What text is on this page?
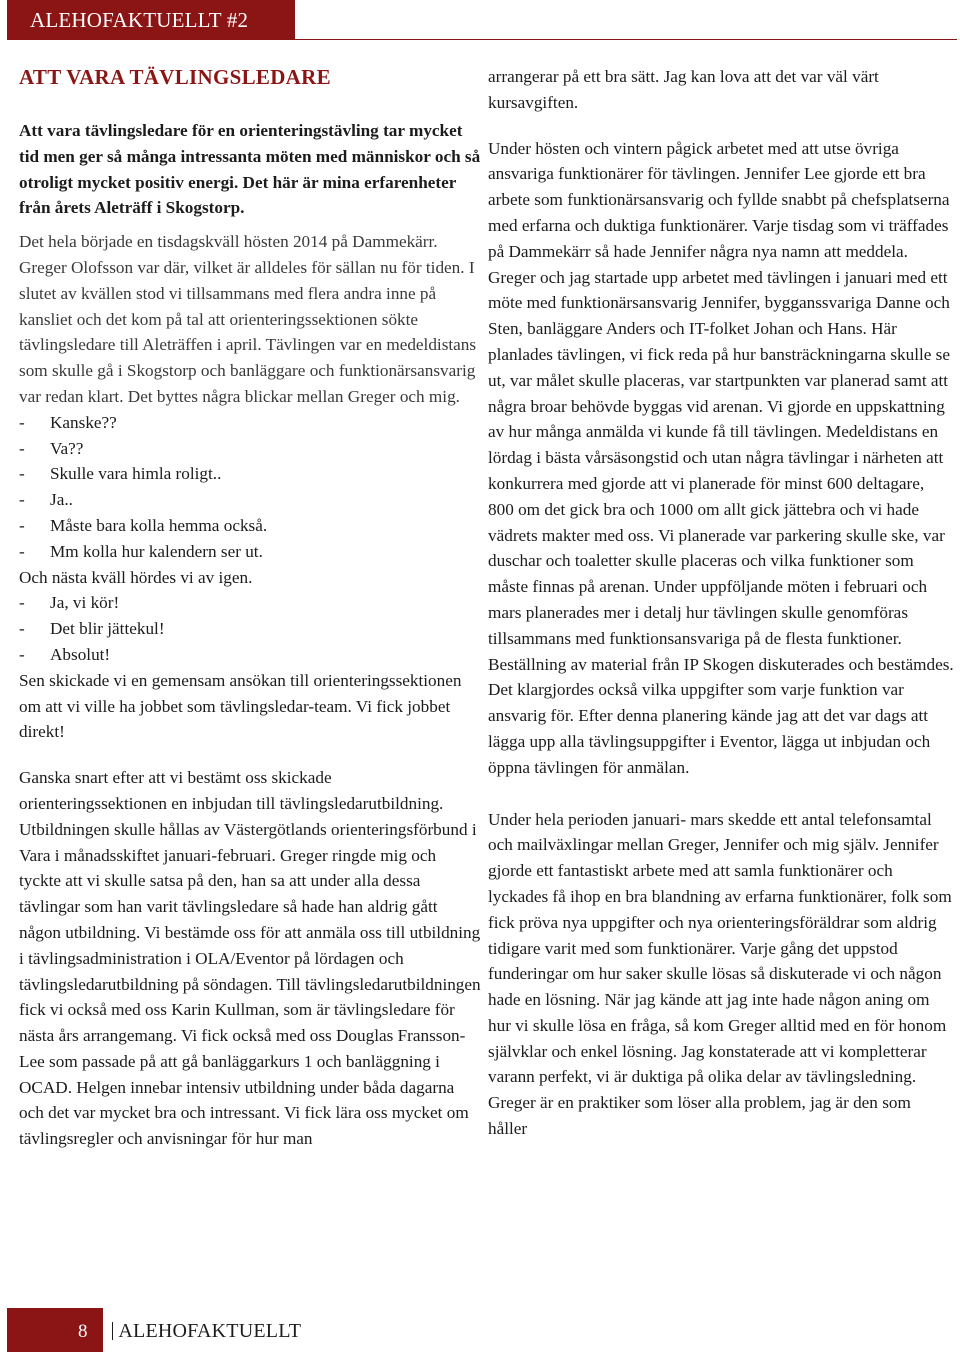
ALEHOFAKTUELLT #2 2015
ATT VARA TÄVLINGSLEDARE

Att vara tävlingsledare för en orienteringstävling tar mycket tid men ger så många intressanta möten med människor och så otroligt mycket positiv energi. Det här är mina erfarenheter från årets Aleträff i Skogstorp.

Det hela började en tisdagskväll hösten 2014 på Dammekärr. Greger Olofsson var där, vilket är alldeles för sällan nu för tiden. I slutet av kvällen stod vi tillsammans med flera andra inne på kansliet och det kom på tal att orienteringssektionen sökte tävlingsledare till Aleträffen i april. Tävlingen var en medeldistans som skulle gå i Skogstorp och banläggare och funktionärsansvarig var redan klart. Det byttes några blickar mellan Greger och mig.

- Kanske??
- Va??
- Skulle vara himla roligt..
- Ja..
- Måste bara kolla hemma också.
- Mm kolla hur kalendern ser ut.

Och nästa kväll hördes vi av igen.

- Ja, vi kör!
- Det blir jättekul!
- Absolut!

Sen skickade vi en gemensam ansökan till orienteringssektionen om att vi ville ha jobbet som tävlingsledar-team. Vi fick jobbet direkt!

Ganska snart efter att vi bestämt oss skickade orienteringssektionen en inbjudan till tävlingsledarutbildning. Utbildningen skulle hållas av Västergötlands orienteringsförbund i Vara i månadsskiftet januari-februari. Greger ringde mig och tyckte att vi skulle satsa på den, han sa att under alla dessa tävlingar som han varit tävlingsledare så hade han aldrig gått någon utbildning. Vi bestämde oss för att anmäla oss till utbildning i tävlingsadministration i OLA/Eventor på lördagen och tävlingsledarutbildning på söndagen. Till tävlingsledarutbildningen fick vi också med oss Karin Kullman, som är tävlingsledare för nästa års arrangemang. Vi fick också med oss Douglas Fransson-Lee som passade på att gå banläggarkurs 1 och banläggning i OCAD. Helgen innebar intensiv utbildning under båda dagarna och det var mycket bra och intressant. Vi fick lära oss mycket om tävlingsregler och anvisningar för hur man

arrangerar på ett bra sätt. Jag kan lova att det var väl värt kursavgiften.

Under hösten och vintern pågick arbetet med att utse övriga ansvariga funktionärer för tävlingen. Jennifer Lee gjorde ett bra arbete som funktionärsansvarig och fyllde snabbt på chefsplatserna med erfarna och duktiga funktionärer. Varje tisdag som vi träffades på Dammekärr så hade Jennifer några nya namn att meddela. Greger och jag startade upp arbetet med tävlingen i januari med ett möte med funktionärsansvarig Jennifer, bygganssvariga Danne och Sten, banläggare Anders och IT-folket Johan och Hans. Här planlades tävlingen, vi fick reda på hur bansträckningarna skulle se ut, var målet skulle placeras, var startpunkten var planerad samt att några broar behövde byggas vid arenan. Vi gjorde en uppskattning av hur många anmälda vi kunde få till tävlingen. Medeldistans en lördag i bästa vårsäsongstid och utan några tävlingar i närheten att konkurrera med gjorde att vi planerade för minst 600 deltagare, 800 om det gick bra och 1000 om allt gick jättebra och vi hade vädrets makter med oss. Vi planerade var parkering skulle ske, var duschar och toaletter skulle placeras och vilka funktioner som måste finnas på arenan. Under uppföljande möten i februari och mars planerades mer i detalj hur tävlingen skulle genomföras tillsammans med funktionsansvariga på de flesta funktioner. Beställning av material från IP Skogen diskuterades och bestämdes. Det klargjordes också vilka uppgifter som varje funktion var ansvarig för. Efter denna planering kände jag att det var dags att lägga upp alla tävlingsuppgifter i Eventor, lägga ut inbjudan och öppna tävlingen för anmälan.

Under hela perioden januari- mars skedde ett antal telefonsamtal och mailväxlingar mellan Greger, Jennifer och mig själv. Jennifer gjorde ett fantastiskt arbete med att samla funktionärer och lyckades få ihop en bra blandning av erfarna funktionärer, folk som fick pröva nya uppgifter och nya orienteringsföräldrar som aldrig tidigare varit med som funktionärer. Varje gång det uppstod funderingar om hur saker skulle lösas så diskuterade vi och någon hade en lösning. När jag kände att jag inte hade någon aning om hur vi skulle lösa en fråga, så kom Greger alltid med en för honom självklar och enkel lösning. Jag konstaterade att vi kompletterar varann perfekt, vi är duktiga på olika delar av tävlingsledning. Greger är en praktiker som löser alla problem, jag är den som håller

8	ALEHOFAKTUELLT
